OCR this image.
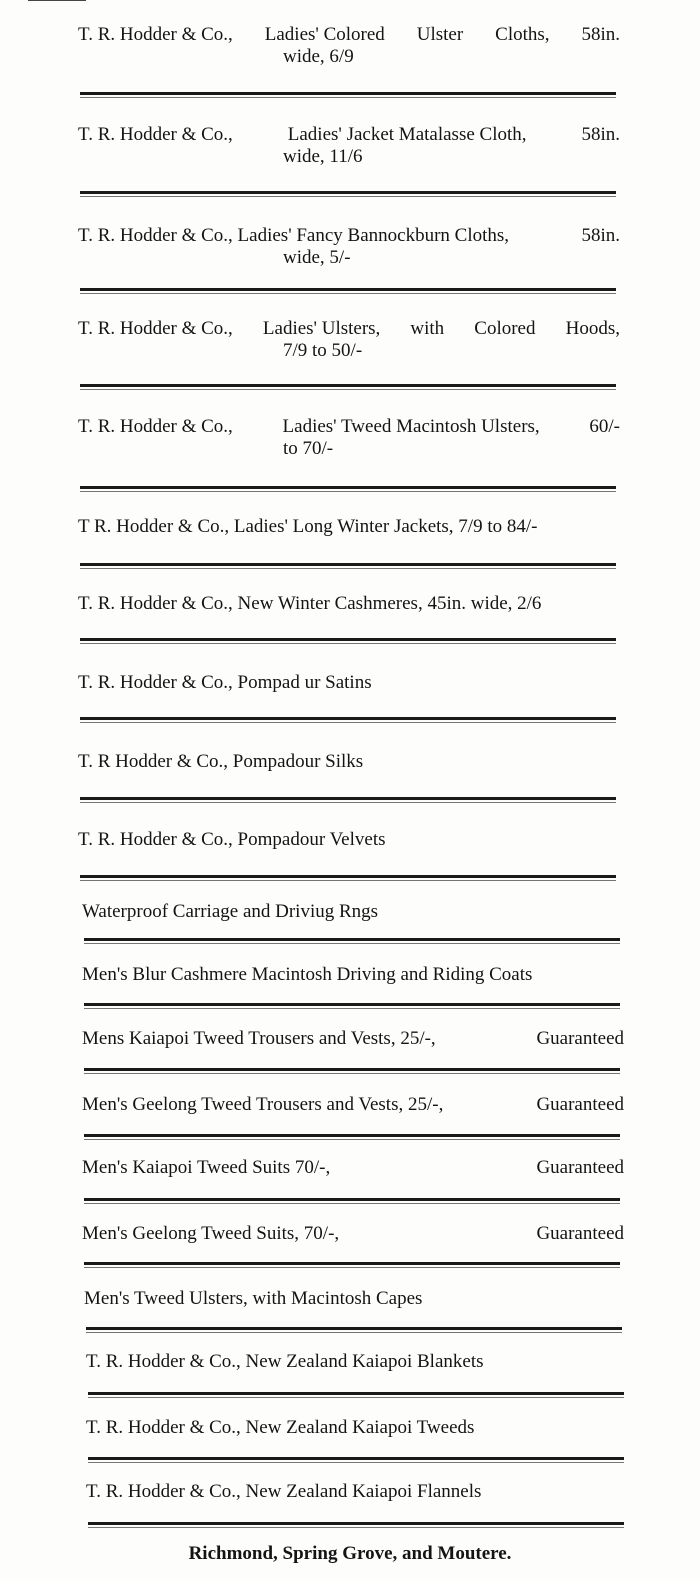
T. R. Hodder & Co., Ladies' Colored Ulster Cloths, 58in.
wide, 6/9
T. R. Hodder & Co.,	Ladies' Jacket Matalasse Cloth,	58in.
wide, 11/6
T. R. Hodder & Co., Ladies' Fancy Bannockburn Cloths,	58in.
wide, 5/-
T. R. Hodder & Co., Ladies' Ulsters, with Colored Hoods,
7/9 to 50/-
T. R. Hodder & Co.,	Ladies' Tweed Macintosh Ulsters,	60/-
to 70/-
T R. Hodder & Co., Ladies' Long Winter Jackets, 7/9 to 84/-
T. R. Hodder & Co., New Winter Cashmeres, 45in. wide, 2/6
T. R. Hodder & Co., Pompad ur Satins
T. R Hodder & Co., Pompadour Silks
T. R. Hodder & Co., Pompadour Velvets
Waterproof Carriage and Driviug Rngs
Men's Blur Cashmere Macintosh Driving and Riding Coats
Mens Kaiapoi Tweed Trousers and Vests, 25/-,	Guaranteed
Men's Geelong Tweed Trousers and Vests, 25/-,	Guaranteed
Men's Kaiapoi Tweed Suits 70/-,	Guaranteed
Men's Geelong Tweed Suits, 70/-,	Guaranteed
Men's Tweed Ulsters, with Macintosh Capes
T. R. Hodder & Co., New Zealand Kaiapoi Blankets
T. R. Hodder & Co., New Zealand Kaiapoi Tweeds
T. R. Hodder & Co., New Zealand Kaiapoi Flannels
Richmond, Spring Grove, and Moutere.
